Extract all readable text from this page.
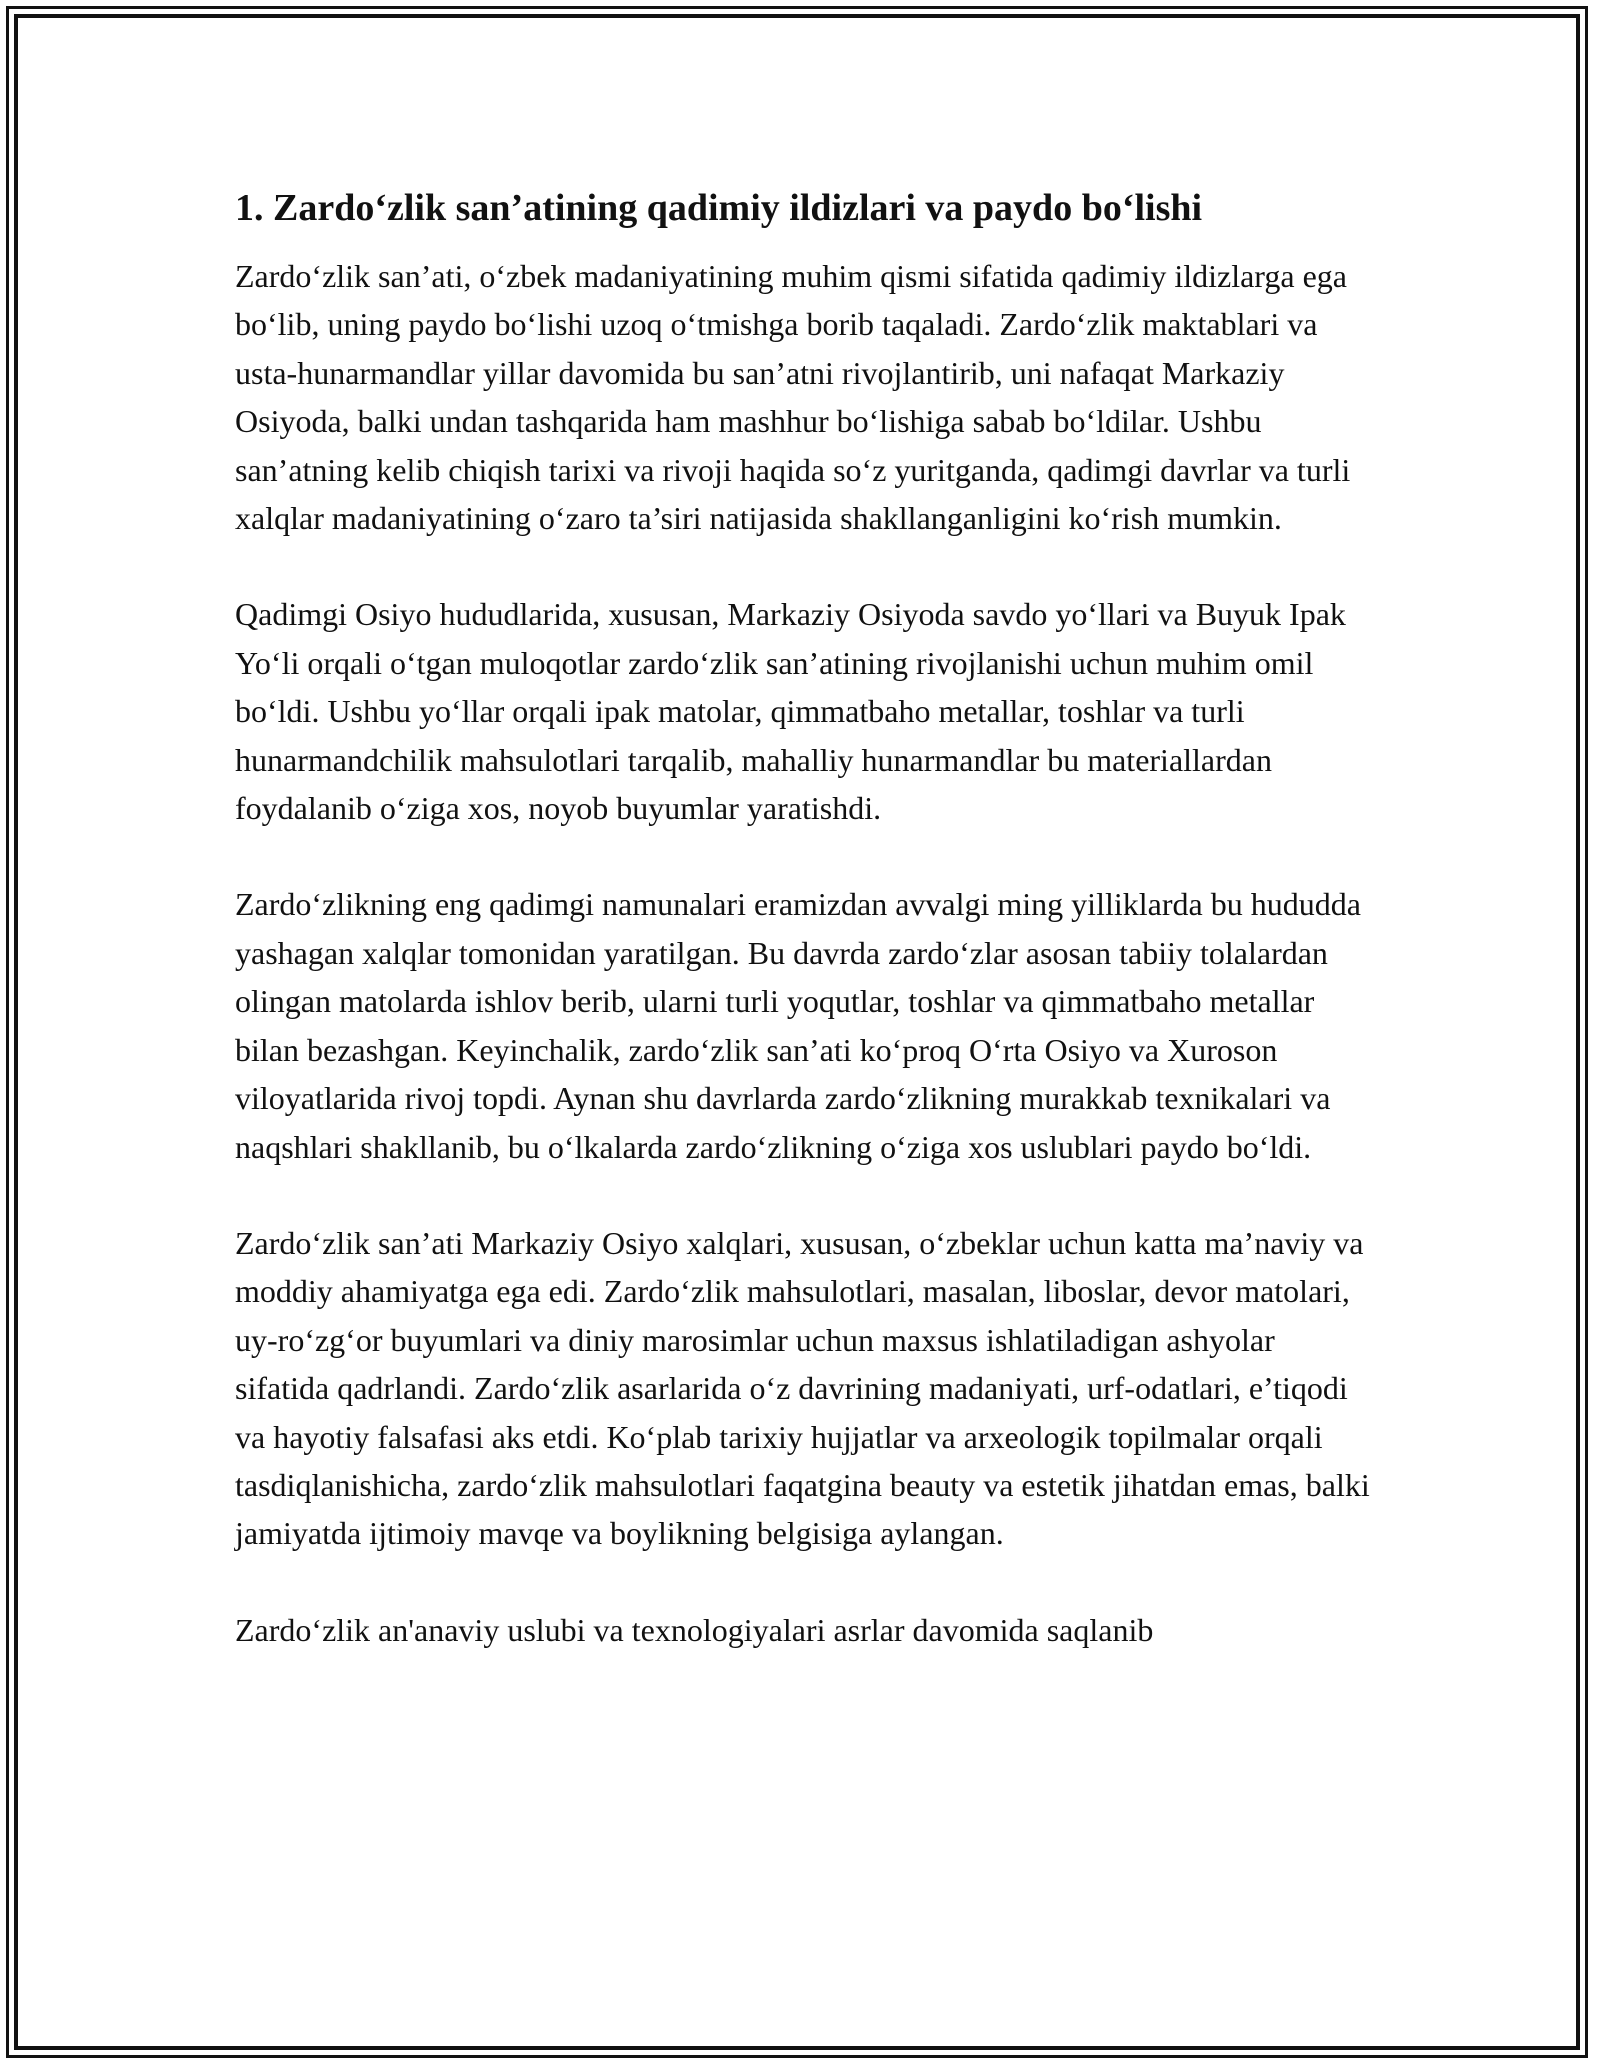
1. Zardo‘zlik san’atining qadimiy ildizlari va paydo bo‘lishi

Zardo‘zlik san’ati, o‘zbek madaniyatining muhim qismi sifatida qadimiy ildizlarga ega bo‘lib, uning paydo bo‘lishi uzoq o‘tmishga borib taqaladi. Zardo‘zlik maktablari va usta-hunarmandlar yillar davomida bu san’atni rivojlantirib, uni nafaqat Markaziy Osiyoda, balki undan tashqarida ham mashhur bo‘lishiga sabab bo‘ldilar. Ushbu san’atning kelib chiqish tarixi va rivoji haqida so‘z yuritganda, qadimgi davrlar va turli xalqlar madaniyatining o‘zaro ta’siri natijasida shakllanganligini ko‘rish mumkin.

Qadimgi Osiyo hududlarida, xususan, Markaziy Osiyoda savdo yo‘llari va Buyuk Ipak Yo‘li orqali o‘tgan muloqotlar zardo‘zlik san’atining rivojlanishi uchun muhim omil bo‘ldi. Ushbu yo‘llar orqali ipak matolar, qimmatbaho metallar, toshlar va turli hunarmandchilik mahsulotlari tarqalib, mahalliy hunarmandlar bu materiallardan foydalanib o‘ziga xos, noyob buyumlar yaratishdi.

Zardo‘zlikning eng qadimgi namunalari eramizdan avvalgi ming yilliklarda bu hududda yashagan xalqlar tomonidan yaratilgan. Bu davrda zardo‘zlar asosan tabiiy tolalardan olingan matolarda ishlov berib, ularni turli yoqutlar, toshlar va qimmatbaho metallar bilan bezashgan. Keyinchalik, zardo‘zlik san’ati ko‘proq O‘rta Osiyo va Xuroson viloyatlarida rivoj topdi. Aynan shu davrlarda zardo‘zlikning murakkab texnikalari va naqshlari shakllanib, bu o‘lkalarda zardo‘zlikning o‘ziga xos uslublari paydo bo‘ldi.

Zardo‘zlik san’ati Markaziy Osiyo xalqlari, xususan, o‘zbeklar uchun katta ma’naviy va moddiy ahamiyatga ega edi. Zardo‘zlik mahsulotlari, masalan, liboslar, devor matolari, uy-ro‘zg‘or buyumlari va diniy marosimlar uchun maxsus ishlatiladigan ashyolar sifatida qadrlandi. Zardo‘zlik asarlarida o‘z davrining madaniyati, urf-odatlari, e’tiqodi va hayotiy falsafasi aks etdi. Ko‘plab tarixiy hujjatlar va arxeologik topilmalar orqali tasdiqlanishicha, zardo‘zlik mahsulotlari faqatgina beauty va estetik jihatdan emas, balki jamiyatda ijtimoiy mavqe va boylikning belgisiga aylangan.

Zardo‘zlik an'anaviy uslubi va texnologiyalari asrlar davomida saqlanib
